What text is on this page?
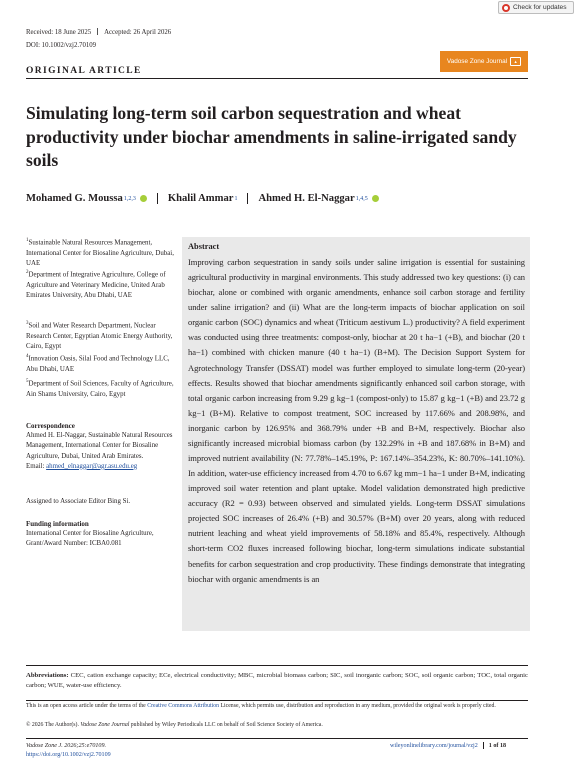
Check for updates
Received: 18 June 2025 Accepted: 26 April 2026
DOI: 10.1002/vzj2.70109
ORIGINAL ARTICLE
Vadose Zone Journal	▲
Simulating long-term soil carbon sequestration and wheat productivity under biochar amendments in saline-irrigated sandy soils
Mohamed G. Moussa 1,2,3	Khalil Ammar 1 Ahmed H. El-Naggar 1,4,5
$^1$Sustainable Natural Resources Management, International Center for Biosaline Agriculture, Dubai, UAE
$^2$Department of Integrative Agriculture, College of Agriculture and Veterinary Medicine, United Arab Emirates University, Abu Dhabi, UAE
$^3$Soil and Water Research Department, Nuclear Research Center, Egyptian Atomic Energy Authority, Cairo, Egypt
$^4$Innovation Oasis, Silal Food and Technology LLC, Abu Dhabi, UAE
$^5$Department of Soil Sciences, Faculty of Agriculture, Ain Shams University, Cairo, Egypt
Correspondence
Ahmed H. El-Naggar, Sustainable Natural Resources Management, International Center for Biosaline Agriculture, Dubai, United Arab Emirates.
Email: ahmed_elnaggar@agr.asu.edu.eg
Assigned to Associate Editor Bing Si.
Funding information
International Center for Biosaline Agriculture, Grant/Award Number: ICBA0.081
Abstract
Improving carbon sequestration in sandy soils under saline irrigation is essential for sustaining agricultural productivity in marginal environments. This study addressed two key questions: (i) can biochar, alone or combined with organic amendments, enhance soil carbon storage and fertility under saline irrigation? and (ii) What are the long-term impacts of biochar application on soil organic carbon (SOC) dynamics and wheat (Triticum aestivum L.) productivity? A field experiment was conducted using three treatments: compost-only, biochar at 20 t ha−1 (+B), and biochar (20 t ha−1) combined with chicken manure (40 t ha−1) (B+M). The Decision Support System for Agrotechnology Transfer (DSSAT) model was further employed to simulate long-term (20-year) effects. Results showed that biochar amendments significantly enhanced soil carbon storage, with total organic carbon increasing from 9.29 g kg−1 (compost-only) to 15.87 g kg−1 (+B) and 23.72 g kg−1 (B+M). Relative to compost treatment, SOC increased by 117.66% and 208.98%, and inorganic carbon by 126.95% and 368.79% under +B and B+M, respectively. Biochar also significantly increased microbial biomass carbon (by 132.29% in +B and 187.68% in B+M) and improved nutrient availability (N: 77.78%–145.19%, P: 167.14%–354.23%, K: 80.70%–141.10%). In addition, water-use efficiency increased from 4.70 to 6.67 kg mm−1 ha−1 under B+M, indicating improved soil water retention and plant uptake. Model validation demonstrated high predictive accuracy (R2 = 0.93) between observed and simulated yields. Long-term DSSAT simulations projected SOC increases of 26.4% (+B) and 30.57% (B+M) over 20 years, along with reduced nutrient leaching and wheat yield improvements of 58.18% and 85.4%, respectively. Although short-term CO2 fluxes increased following biochar, long-term simulations indicate substantial benefits for carbon sequestration and crop productivity. These findings demonstrate that integrating biochar with organic amendments is an
Abbreviations: CEC, cation exchange capacity; ECe, electrical conductivity; MBC, microbial biomass carbon; SIC, soil inorganic carbon; SOC, soil organic carbon; TOC, total organic carbon; WUE, water-use efficiency.
This is an open access article under the terms of the Creative Commons Attribution License, which permits use, distribution and reproduction in any medium, provided the original work is properly cited.
© 2026 The Author(s). Vadose Zone Journal published by Wiley Periodicals LLC on behalf of Soil Science Society of America.
Vadose Zone J. 2026;25:e70109.
https://doi.org/10.1002/vzj2.70109
wileyonlinelibrary.com/journal/vzj2 1 of 18
